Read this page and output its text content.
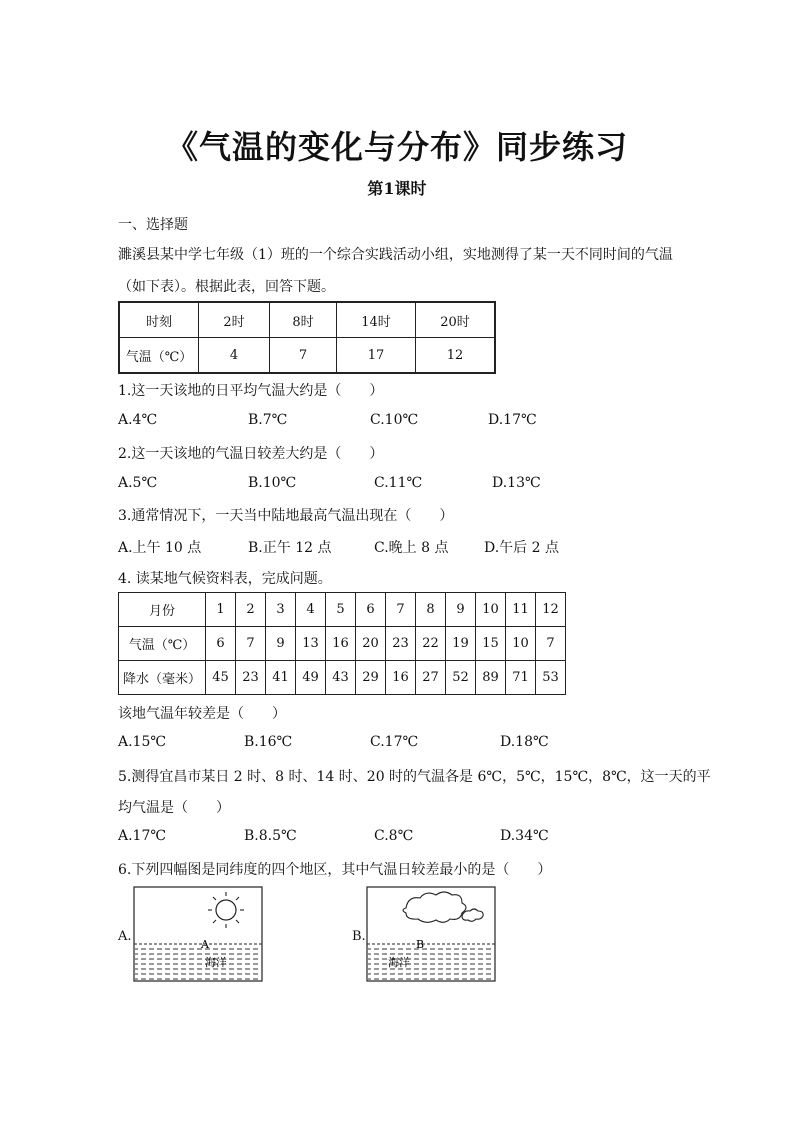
《气温的变化与分布》同步练习
第1课时
一、选择题
濉溪县某中学七年级（1）班的一个综合实践活动小组，实地测得了某一天不同时间的气温
（如下表）。根据此表，回答下题。
时刻	2时	8时	14时	20时
气温（℃）	4	7	17	12
1.这一天该地的日平均气温大约是（　　）
A.4℃	B.7℃	C.10℃	D.17℃
2.这一天该地的气温日较差大约是（　　）
A.5℃	B.10℃	C.11℃	D.13℃
3.通常情况下，一天当中陆地最高气温出现在（　　）
A.上午 10 点	B.正午 12 点	C.晚上 8 点	D.午后 2 点
4. 读某地气候资料表，完成问题。
月份	1	2	3	4	5	6	7	8	9	10	11	12
气温（℃）	6	7	9	13	16	20	23	22	19	15	10	7
降水（毫米）	45	23	41	49	43	29	16	27	52	89	71	53
该地气温年较差是（　　）
A.15℃	B.16℃	C.17℃	D.18℃
5.测得宜昌市某日 2 时、8 时、14 时、20 时的气温各是 6℃，5℃，15℃，8℃，这一天的平
均气温是（　　）
A.17℃	B.8.5℃	C.8℃	D.34℃
6.下列四幅图是同纬度的四个地区，其中气温日较差最小的是（　　）
A.
A
海洋
B.
B
海洋
